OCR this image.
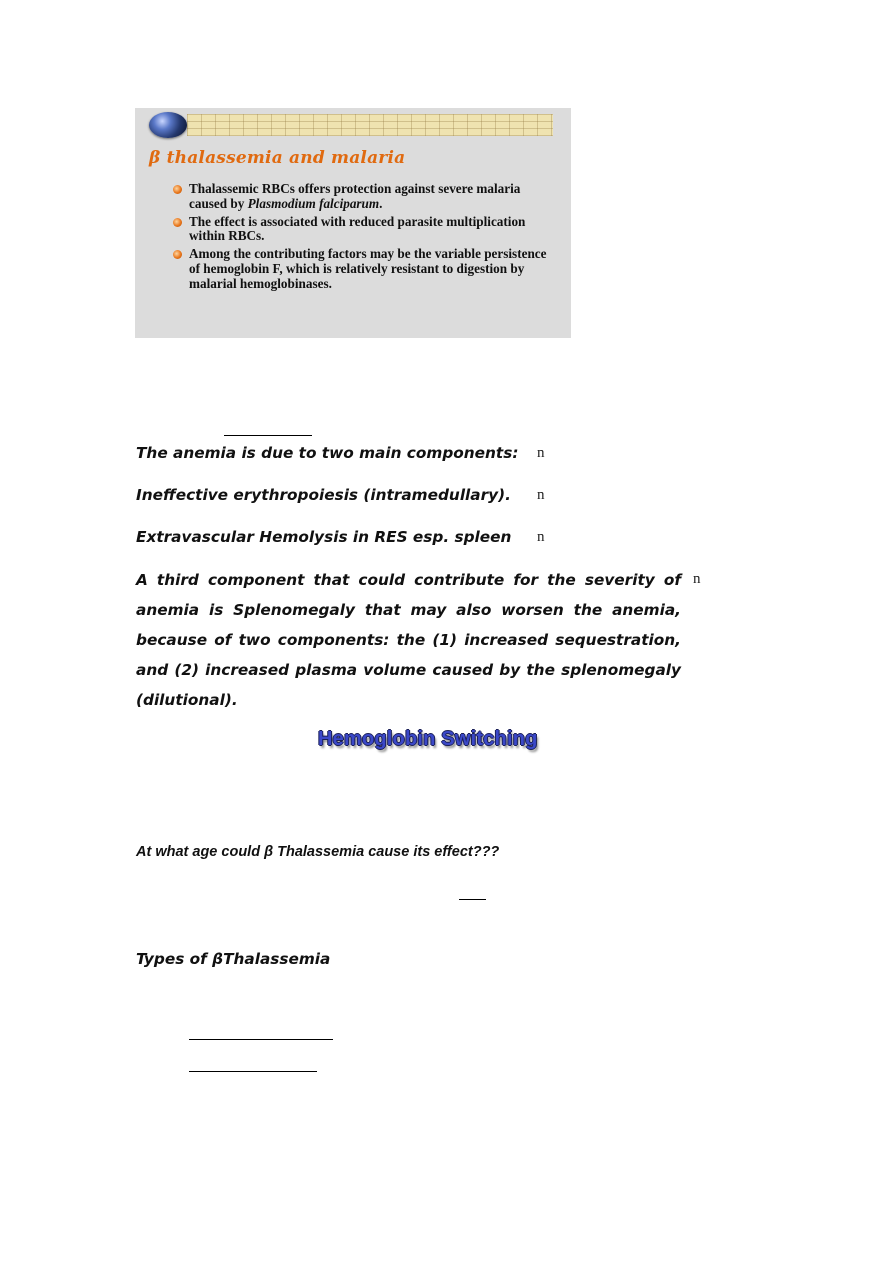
β thalassemia and malaria
Thalassemic RBCs offers protection against severe malaria caused by Plasmodium falciparum.
The effect is associated with reduced parasite multiplication within RBCs.
Among the contributing factors may be the variable persistence of hemoglobin F, which is relatively resistant to digestion by malarial hemoglobinases.

The anemia is due to two main components: n

Ineffective erythropoiesis (intramedullary). n

Extravascular Hemolysis in RES esp. spleen n

A third component that could contribute for the severity of anemia is Splenomegaly that may also worsen the anemia, because of two components: the (1) increased sequestration, and (2) increased plasma volume caused by the splenomegaly (dilutional).

n
Hemoglobin Switching

At what age could β Thalassemia cause its effect???

Types of βThalassemia
